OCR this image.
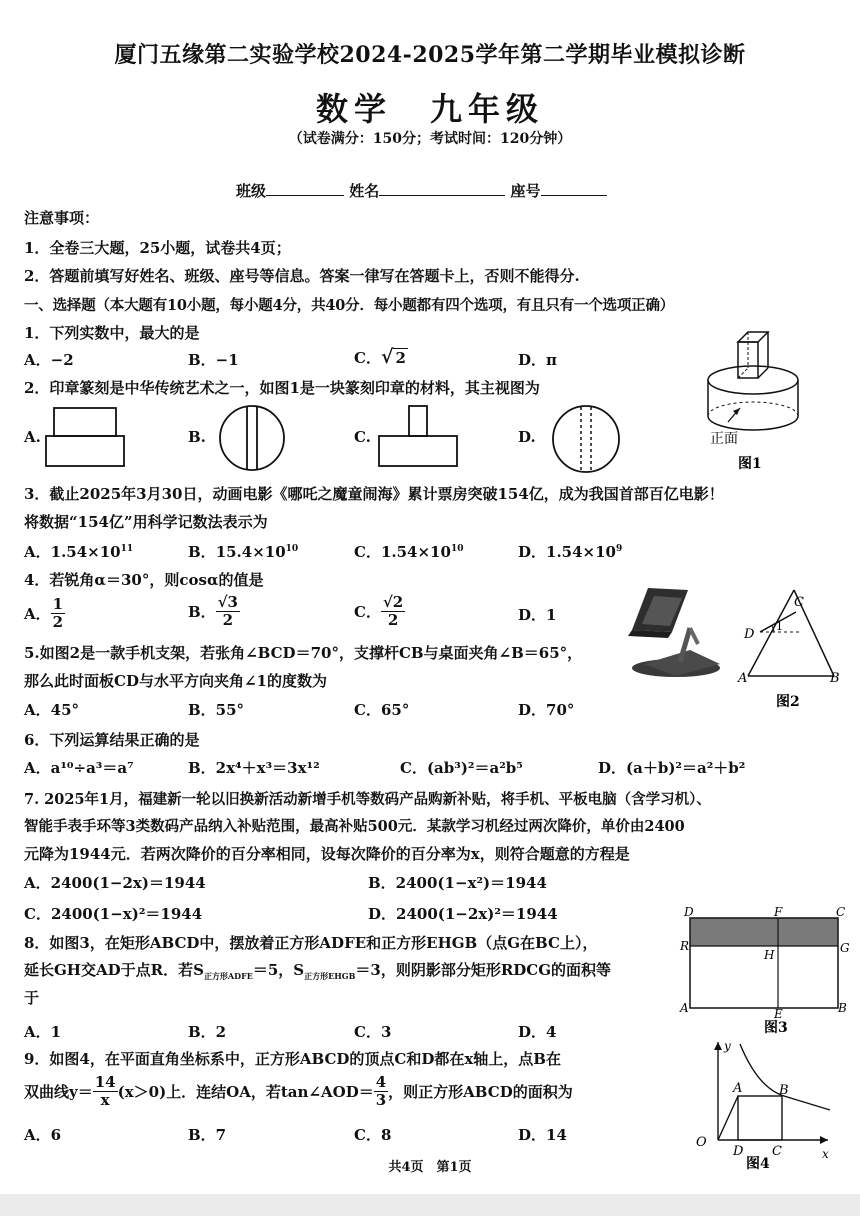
厦门五缘第二实验学校2024-2025学年第二学期毕业模拟诊断
数学　九年级
（试卷满分：150分；考试时间：120分钟）
班级	姓名	座号
注意事项：
1．全卷三大题，25小题，试卷共4页；
2．答题前填写好姓名、班级、座号等信息。答案一律写在答题卡上，否则不能得分.
一、选择题（本大题有10小题，每小题4分，共40分．每小题都有四个选项，有且只有一个选项正确）
1．下列实数中，最大的是
A．−2	B．−1	C．√ 2	D．π
正面
图1
2．印章篆刻是中华传统艺术之一，如图1是一块篆刻印章的材料，其主视图为
A.	B.	C.	D.
3．截止2025年3月30日，动画电影《哪吒之魔童闹海》累计票房突破154亿，成为我国首部百亿电影！
将数据“154亿”用科学记数法表示为
A．$1.54\times 10^{11}$	B．$15.4\times 10^{10}$	C．$1.54\times 10^{10}$	D．$1.54\times 10^9$
4．若锐角α＝30°，则cosα的值是
A． $\frac{1}{2}$	B． $\frac{√3}{2}$	C． $\frac{√2}{2}$	D．1
C
D
1
A	B
图2
5.如图2是一款手机支架，若张角∠BCD＝70°，支撑杆CB与桌面夹角∠B＝65°，
那么此时面板CD与水平方向夹角∠1的度数为
A．45°	B．55°	C．65°	D．70°
6．下列运算结果正确的是
A．a¹⁰÷a³＝a⁷	B．2x⁴＋x³＝3x¹²	C．(ab³)²＝a²b⁵	D．(a＋b)²＝a²＋b²
7. 2025年1月，福建新一轮以旧换新活动新增手机等数码产品购新补贴，将手机、平板电脑（含学习机）、
智能手表手环等3类数码产品纳入补贴范围，最高补贴500元．某款学习机经过两次降价，单价由2400
元降为1944元．若两次降价的百分率相同，设每次降价的百分率为x，则符合题意的方程是
A．2400(1−2x)＝1944	B．2400(1−x²)＝1944
C．2400(1−x)²＝1944	D．2400(1−2x)²＝1944	D	F	C
R	G
H
A	E	B
图3
8．如图3，在矩形ABCD中，摆放着正方形ADFE和正方形EHGB（点G在BC上），
延长GH交AD于点R．若$S_{正方形ADFE}=5$，$S_{正方形EHGB}=3$，则阴影部分矩形RDCG的面积等
于
A．1	B．2	C．3	D．4
y
x
O
A	B
C
D
图4
9．如图4，在平面直角坐标系中，正方形ABCD的顶点C和D都在x轴上，点B在
双曲线$y= \frac{14}{x} (x>0)$上．连结OA，若tan∠AOD＝ $\frac{4}{3}$ ，则正方形ABCD的面积为
A．6	B．7	C．8	D．14
共4页　第1页
